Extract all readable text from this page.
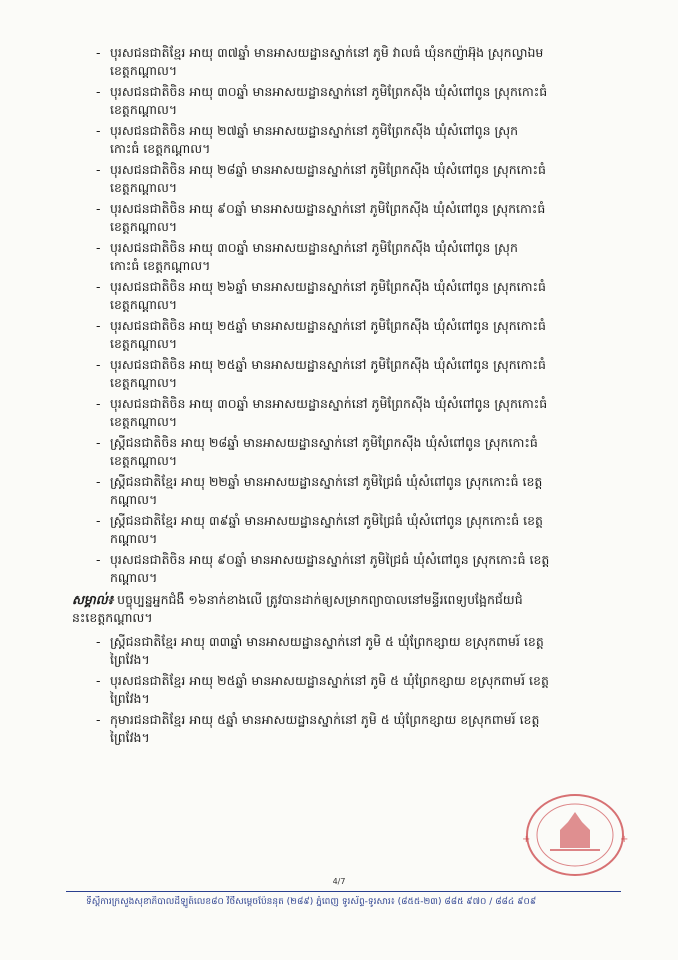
- បុរសជនជាតិខ្មែរ អាយុ ៣៧ឆ្នាំ មានអាសយដ្ឋានស្នាក់នៅ ភូមិ វាលធំ ឃុំនកញ៉ាអ៊ុង ស្រុកល្វាឯម
ខេត្តកណ្ដាល។
- បុរសជនជាតិចិន អាយុ ៣០ឆ្នាំ មានអាសយដ្ឋានស្នាក់នៅ ភូមិព្រែកស៊ីង ឃុំសំពៅពូន ស្រុកកោះធំ
ខេត្តកណ្ដាល។
- បុរសជនជាតិចិន អាយុ ២៧ឆ្នាំ មានអាសយដ្ឋានស្នាក់នៅ ភូមិព្រែកស៊ីង ឃុំសំពៅពូន ស្រុក
កោះធំ ខេត្តកណ្ដាល។
- បុរសជនជាតិចិន អាយុ ២៨ឆ្នាំ មានអាសយដ្ឋានស្នាក់នៅ ភូមិព្រែកស៊ីង ឃុំសំពៅពូន ស្រុកកោះធំ
ខេត្តកណ្ដាល។
- បុរសជនជាតិចិន អាយុ ៩០ឆ្នាំ មានអាសយដ្ឋានស្នាក់នៅ ភូមិព្រែកស៊ីង ឃុំសំពៅពូន ស្រុកកោះធំ
ខេត្តកណ្ដាល។
- បុរសជនជាតិចិន អាយុ ៣០ឆ្នាំ មានអាសយដ្ឋានស្នាក់នៅ ភូមិព្រែកស៊ីង ឃុំសំពៅពូន ស្រុក
កោះធំ ខេត្តកណ្ដាល។
- បុរសជនជាតិចិន អាយុ ២៦ឆ្នាំ មានអាសយដ្ឋានស្នាក់នៅ ភូមិព្រែកស៊ីង ឃុំសំពៅពូន ស្រុកកោះធំ
ខេត្តកណ្ដាល។
- បុរសជនជាតិចិន អាយុ ២៥ឆ្នាំ មានអាសយដ្ឋានស្នាក់នៅ ភូមិព្រែកស៊ីង ឃុំសំពៅពូន ស្រុកកោះធំ
ខេត្តកណ្ដាល។
- បុរសជនជាតិចិន អាយុ ២៥ឆ្នាំ មានអាសយដ្ឋានស្នាក់នៅ ភូមិព្រែកស៊ីង ឃុំសំពៅពូន ស្រុកកោះធំ
ខេត្តកណ្ដាល។
- បុរសជនជាតិចិន អាយុ ៣០ឆ្នាំ មានអាសយដ្ឋានស្នាក់នៅ ភូមិព្រែកស៊ីង ឃុំសំពៅពូន ស្រុកកោះធំ
ខេត្តកណ្ដាល។
- ស្ត្រីជនជាតិចិន អាយុ ២៨ឆ្នាំ មានអាសយដ្ឋានស្នាក់នៅ ភូមិព្រែកស៊ីង ឃុំសំពៅពូន ស្រុកកោះធំ
ខេត្តកណ្ដាល។
- ស្ត្រីជនជាតិខ្មែរ អាយុ ២២ឆ្នាំ មានអាសយដ្ឋានស្នាក់នៅ ភូមិជ្រៃធំ ឃុំសំពៅពូន ស្រុកកោះធំ ខេត្ត
កណ្ដាល។
- ស្ត្រីជនជាតិខ្មែរ អាយុ ៣៩ឆ្នាំ មានអាសយដ្ឋានស្នាក់នៅ ភូមិជ្រៃធំ ឃុំសំពៅពូន ស្រុកកោះធំ ខេត្ត
កណ្ដាល។
- បុរសជនជាតិចិន អាយុ ៩០ឆ្នាំ មានអាសយដ្ឋានស្នាក់នៅ ភូមិជ្រៃធំ ឃុំសំពៅពូន ស្រុកកោះធំ ខេត្ត
កណ្ដាល។
សម្គាល់៖ បច្ចុប្បន្នអ្នកជំងឺ ១៦នាក់ខាងលើ ត្រូវបានដាក់ឲ្យសម្រាកព្យាបាលនៅមន្ទីរពេទ្យបង្អែកជ័យជំ
នះខេត្តកណ្ដាល។
- ស្ត្រីជនជាតិខ្មែរ អាយុ ៣៣ឆ្នាំ មានអាសយដ្ឋានស្នាក់នៅ ភូមិ ៥ ឃុំព្រែកខ្សាយ ខស្រុកពាមរ៍ ខេត្ត
ព្រៃវែង។
- បុរសជនជាតិខ្មែរ អាយុ ២៥ឆ្នាំ មានអាសយដ្ឋានស្នាក់នៅ ភូមិ ៥ ឃុំព្រែកខ្សាយ ខស្រុកពាមរ៍ ខេត្ត
ព្រៃវែង។
- កុមារជនជាតិខ្មែរ អាយុ ៥ឆ្នាំ មានអាសយដ្ឋានស្នាក់នៅ ភូមិ ៥ ឃុំព្រែកខ្សាយ ខស្រុកពាមរ៍ ខេត្ត
ព្រៃវែង។
+	+
4/7
ទីស្តីការក្រសួងសុខាភិបាលដីឡូត៍លេខ៨០ វិថីសម្ដេចប៉ែននុត (២៨៩) ភ្នំពេញ ទូរស័ព្ទ-ទូរសារ៖ (៨៥៥-២៣) ៨៨៥ ៩៧០ / ៨៨៤ ៩០៩
